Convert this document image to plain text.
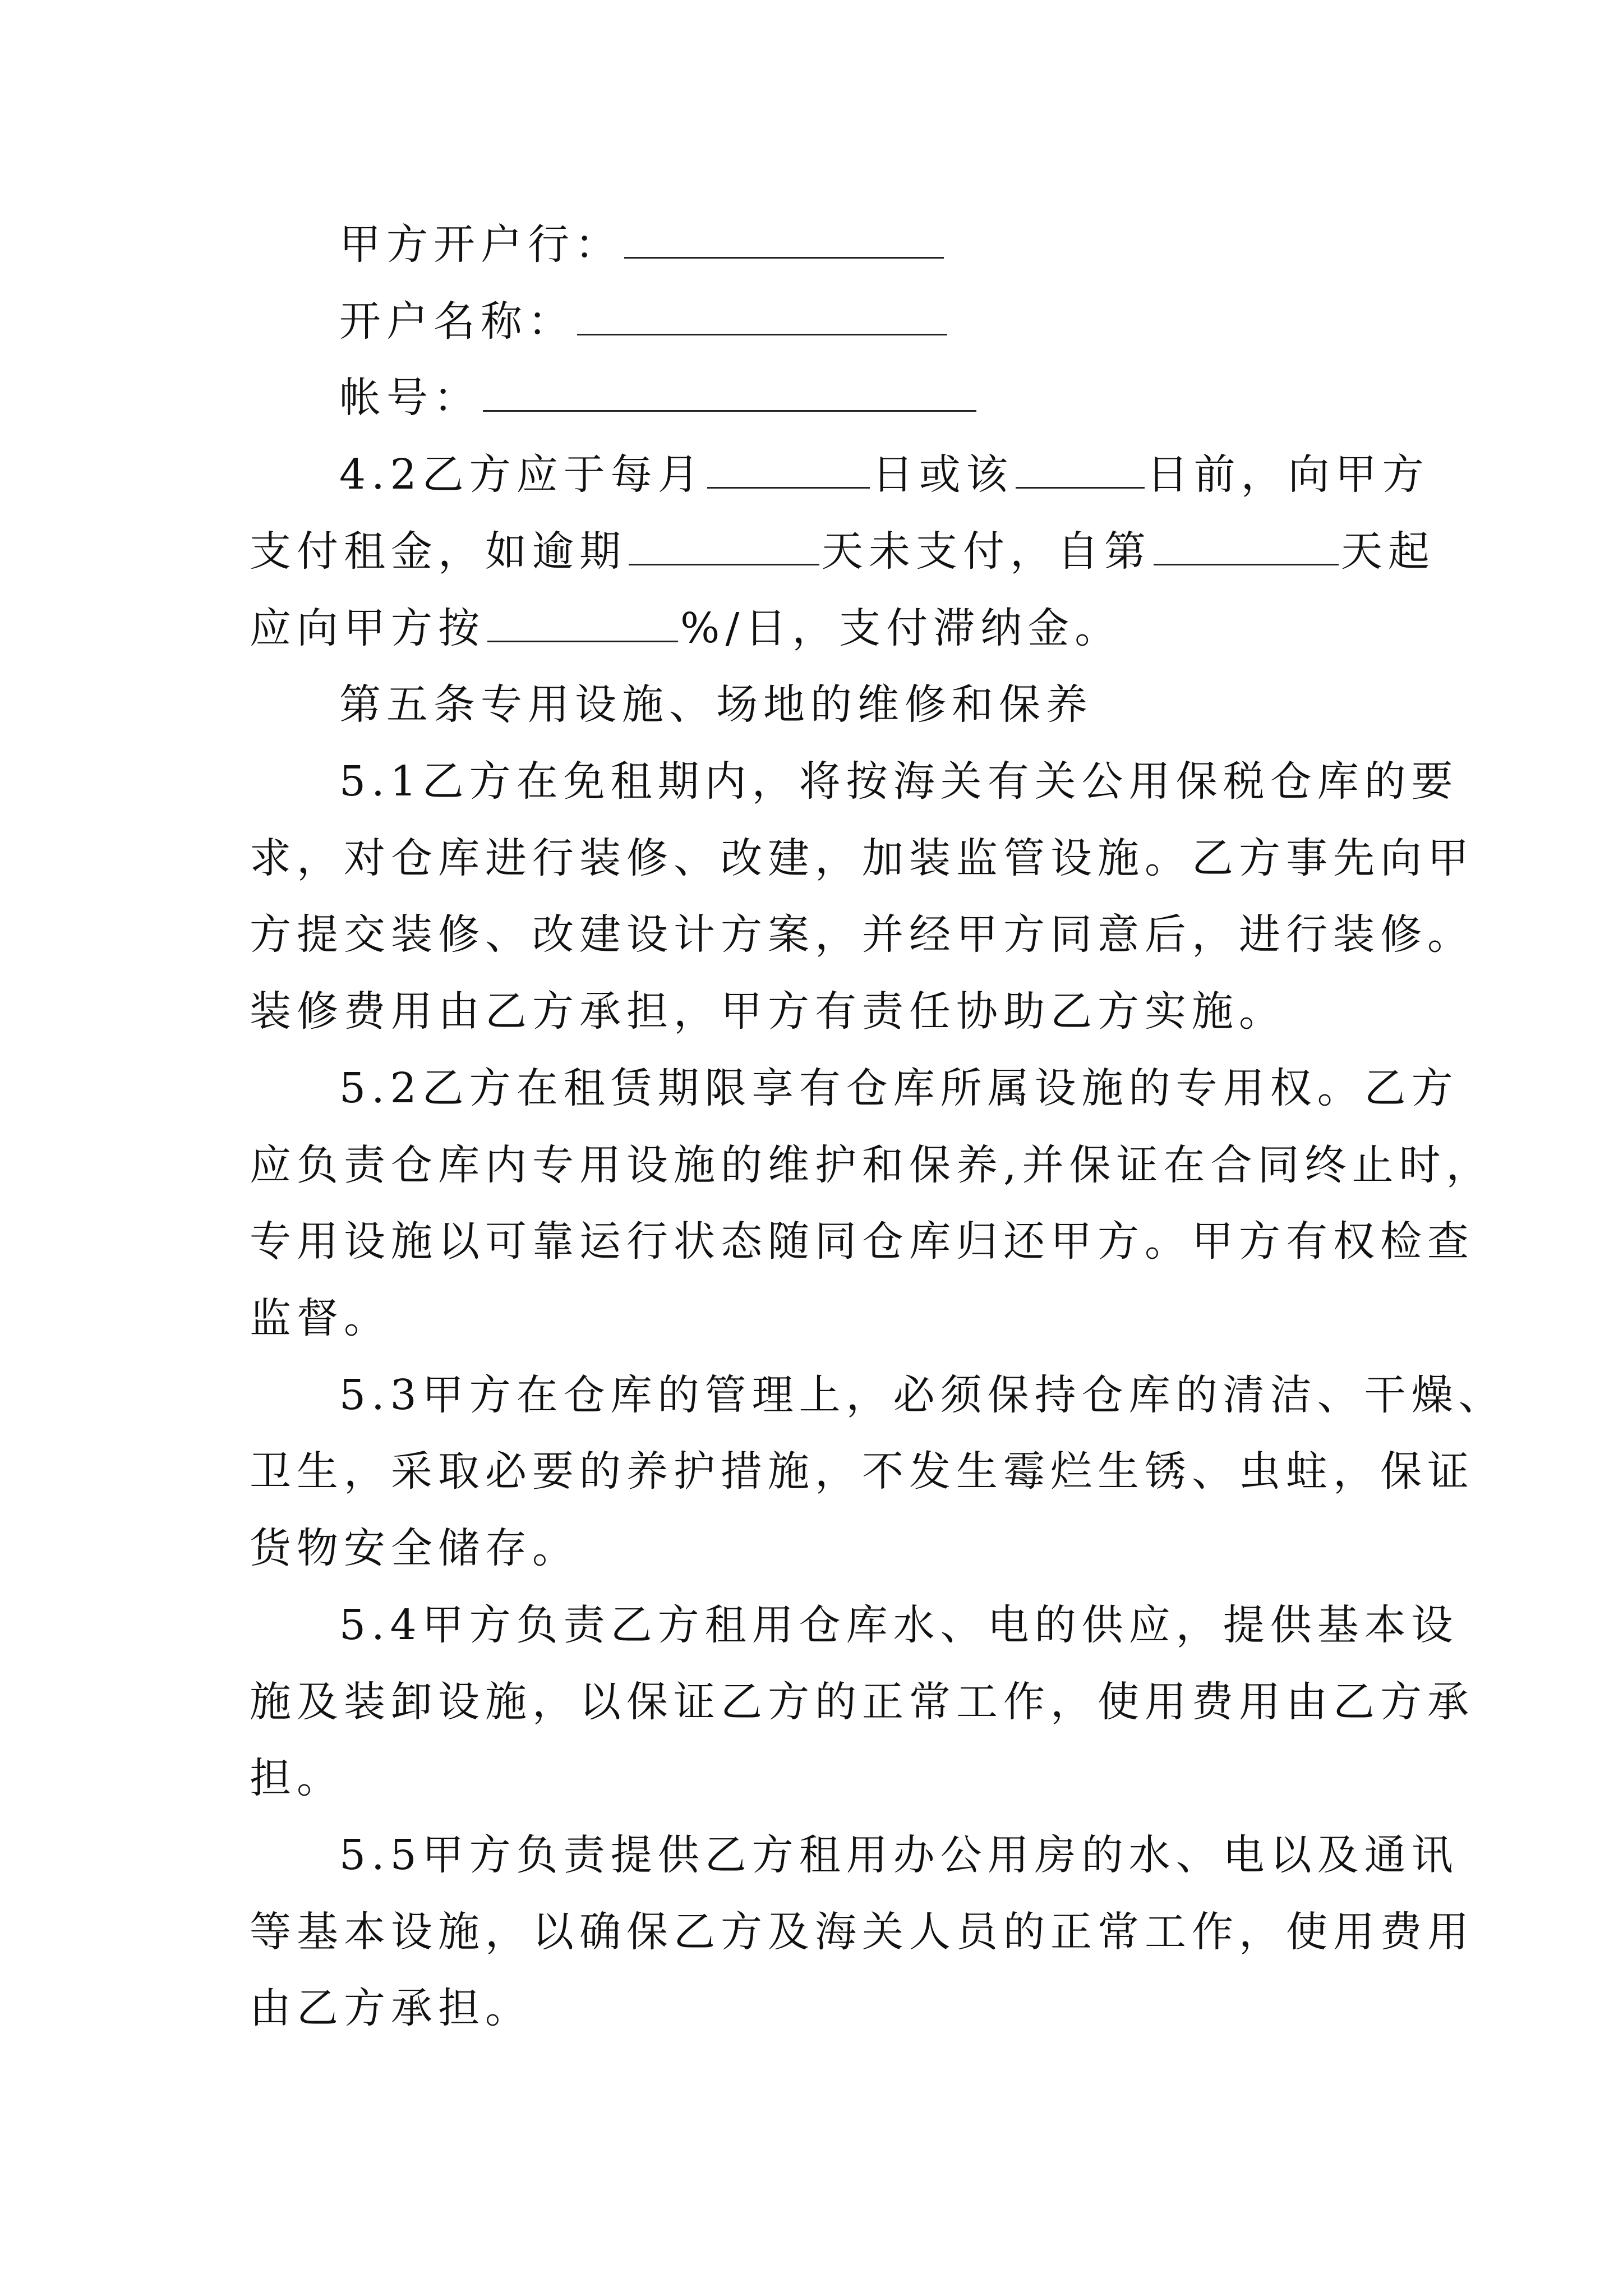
甲方开户行：
开户名称：
帐号：
4.2乙方应于每月	日或该	日前，向甲方
支付租金，如逾期	天未支付，自第	天起
应向甲方按	%/日，支付滞纳金。
第五条专用设施、场地的维修和保养
5.1乙方在免租期内，将按海关有关公用保税仓库的要
求，对仓库进行装修、改建，加装监管设施。乙方事先向甲
方提交装修、改建设计方案，并经甲方同意后，进行装修。
装修费用由乙方承担，甲方有责任协助乙方实施。
5.2乙方在租赁期限享有仓库所属设施的专用权。乙方
应负责仓库内专用设施的维护和保养,并保证在合同终止时，
专用设施以可靠运行状态随同仓库归还甲方。甲方有权检查
监督。
5.3甲方在仓库的管理上，必须保持仓库的清洁、干燥、
卫生，采取必要的养护措施，不发生霉烂生锈、虫蛀，保证
货物安全储存。
5.4甲方负责乙方租用仓库水、电的供应，提供基本设
施及装卸设施，以保证乙方的正常工作，使用费用由乙方承
担。
5.5甲方负责提供乙方租用办公用房的水、电以及通讯
等基本设施，以确保乙方及海关人员的正常工作，使用费用
由乙方承担。
